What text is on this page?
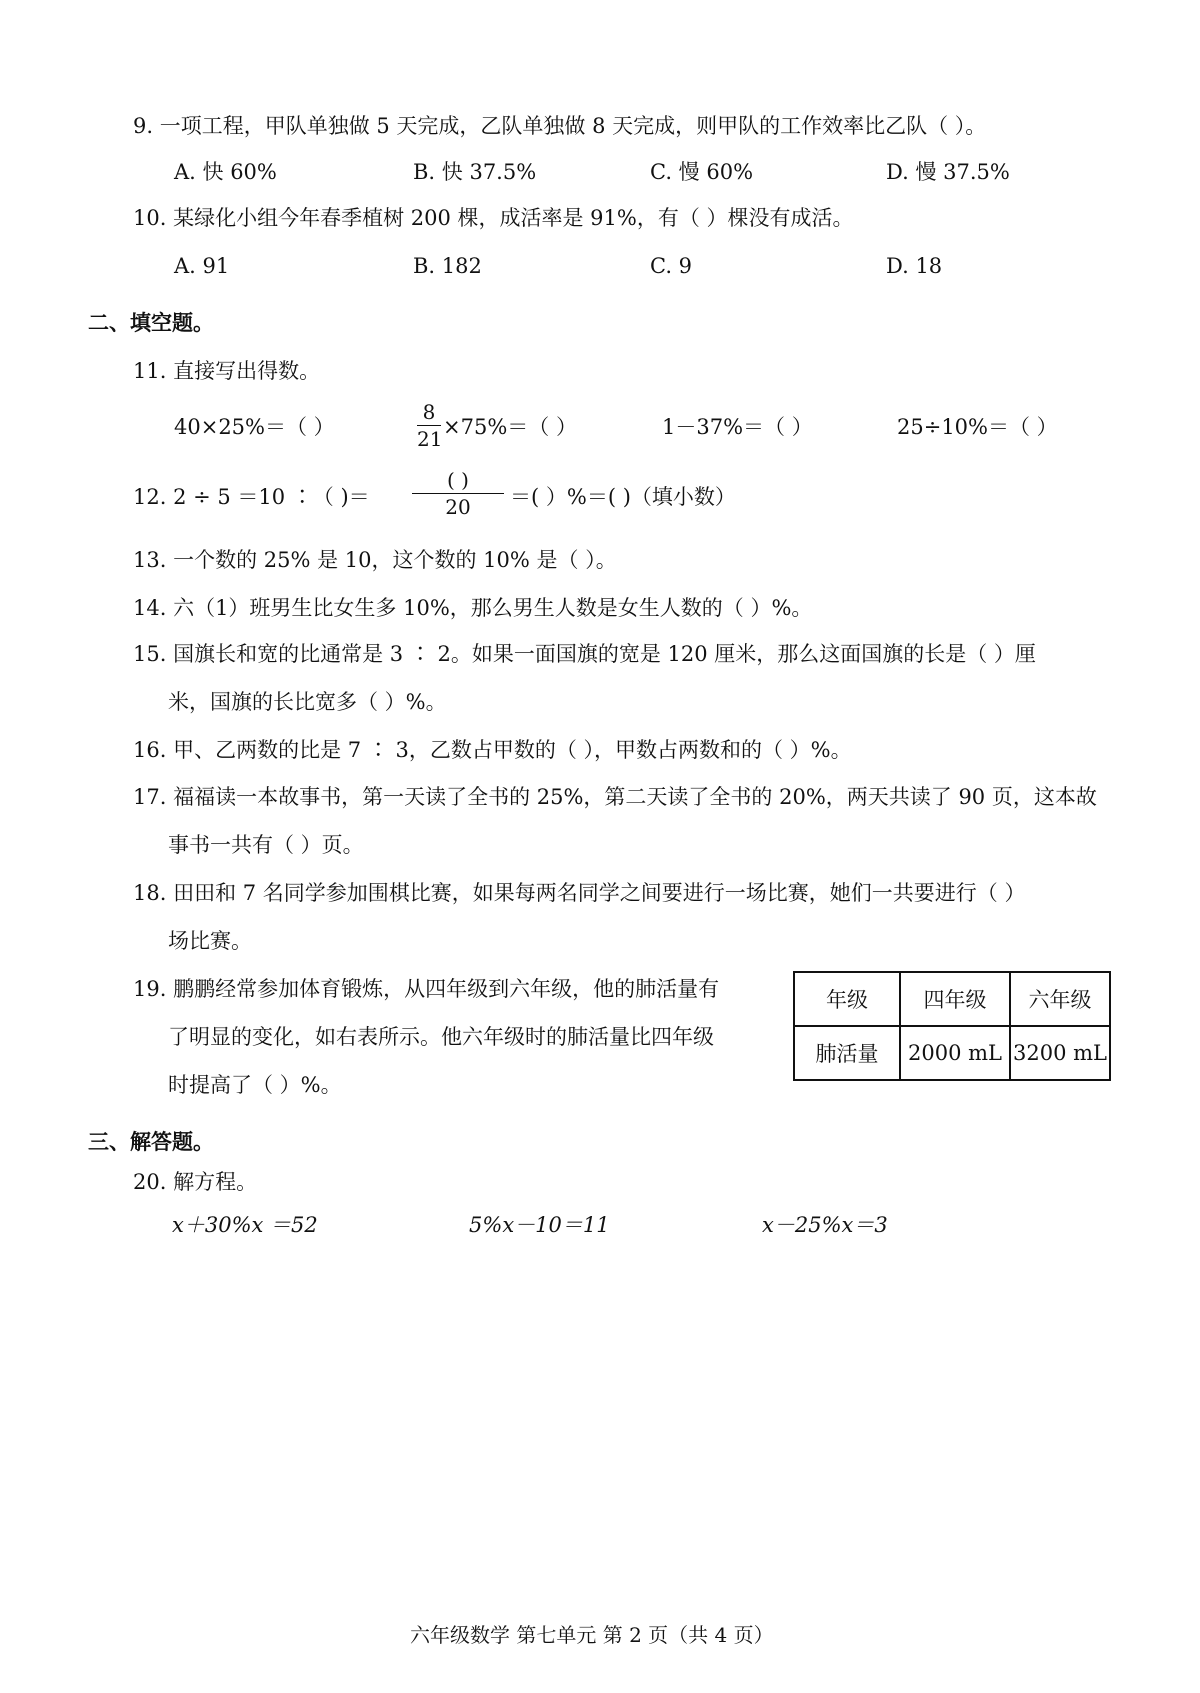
9. 一项工程，甲队单独做 5 天完成，乙队单独做 8 天完成，则甲队的工作效率比乙队（ ）。
A. 快 60%	B. 快 37.5%	C. 慢 60%	D. 慢 37.5%
10. 某绿化小组今年春季植树 200 棵，成活率是 91%，有（ ）棵没有成活。
A. 91	B. 182	C. 9	D. 18
二、填空题。
11. 直接写出得数。
40×25%＝（ ）
8
21 ×75%＝（ ）	1－37%＝（ ）	25÷10%＝（ ）
12. 2 ÷ 5 ＝10 ∶（ )＝
( )
20	＝( ）%＝( )（填小数）
13. 一个数的 25% 是 10，这个数的 10% 是（ ）。
14. 六（1）班男生比女生多 10%，那么男生人数是女生人数的（ ）%。
15. 国旗长和宽的比通常是 3 ∶ 2。如果一面国旗的宽是 120 厘米，那么这面国旗的长是（ ）厘
米，国旗的长比宽多（ ）%。
16. 甲、乙两数的比是 7 ∶ 3，乙数占甲数的（ ），甲数占两数和的（ ）%。
17. 福福读一本故事书，第一天读了全书的 25%，第二天读了全书的 20%，两天共读了 90 页，这本故
事书一共有（ ）页。
18. 田田和 7 名同学参加围棋比赛，如果每两名同学之间要进行一场比赛，她们一共要进行（ ）
场比赛。
19. 鹏鹏经常参加体育锻炼，从四年级到六年级，他的肺活量有
了明显的变化，如右表所示。他六年级时的肺活量比四年级
时提高了（ ）%。
年级	四年级	六年级
肺活量	2000 mL	3200 mL
三、解答题。
20. 解方程。
x＋30%x ＝52	5%x－10＝11	x－25%x＝3
六年级数学 第七单元 第 2 页（共 4 页）
